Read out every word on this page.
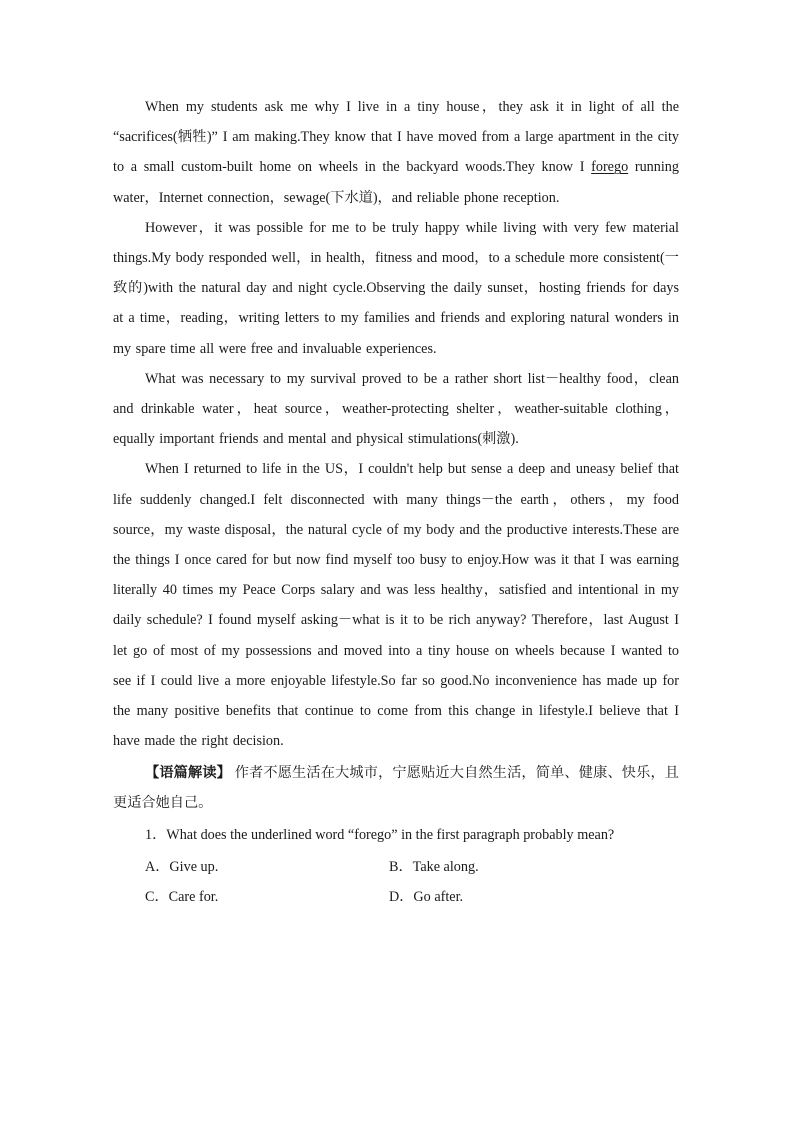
When my students ask me why I live in a tiny house，they ask it in light of all the “sacrifices(牺牲)” I am making.They know that I have moved from a large apartment in the city to a small custom-built home on wheels in the backyard woods.They know I forego running water，Internet connection，sewage(下水道)，and reliable phone reception.

However，it was possible for me to be truly happy while living with very few material things.My body responded well，in health，fitness and mood，to a schedule more consistent(一致的)with the natural day and night cycle.Observing the daily sunset，hosting friends for days at a time，reading，writing letters to my families and friends and exploring natural wonders in my spare time all were free and invaluable experiences.

What was necessary to my survival proved to be a rather short list－healthy food，clean and drinkable water，heat source，weather-protecting shelter，weather-suitable clothing，equally important friends and mental and physical stimulations(刺激).

When I returned to life in the US，I couldn't help but sense a deep and uneasy belief that life suddenly changed.I felt disconnected with many things－the earth，others，my food source，my waste disposal，the natural cycle of my body and the productive interests.These are the things I once cared for but now find myself too busy to enjoy.How was it that I was earning literally 40 times my Peace Corps salary and was less healthy，satisfied and intentional in my daily schedule? I found myself asking－what is it to be rich anyway? Therefore，last August I let go of most of my possessions and moved into a tiny house on wheels because I wanted to see if I could live a more enjoyable lifestyle.So far so good.No inconvenience has made up for the many positive benefits that continue to come from this change in lifestyle.I believe that I have made the right decision.

【语篇解读】 作者不愿生活在大城市，宁愿贴近大自然生活，简单、健康、快乐，且更适合她自己。

1．What does the underlined word “forego” in the first paragraph probably mean?

A．Give up.	B．Take along.
C．Care for.	D．Go after.
